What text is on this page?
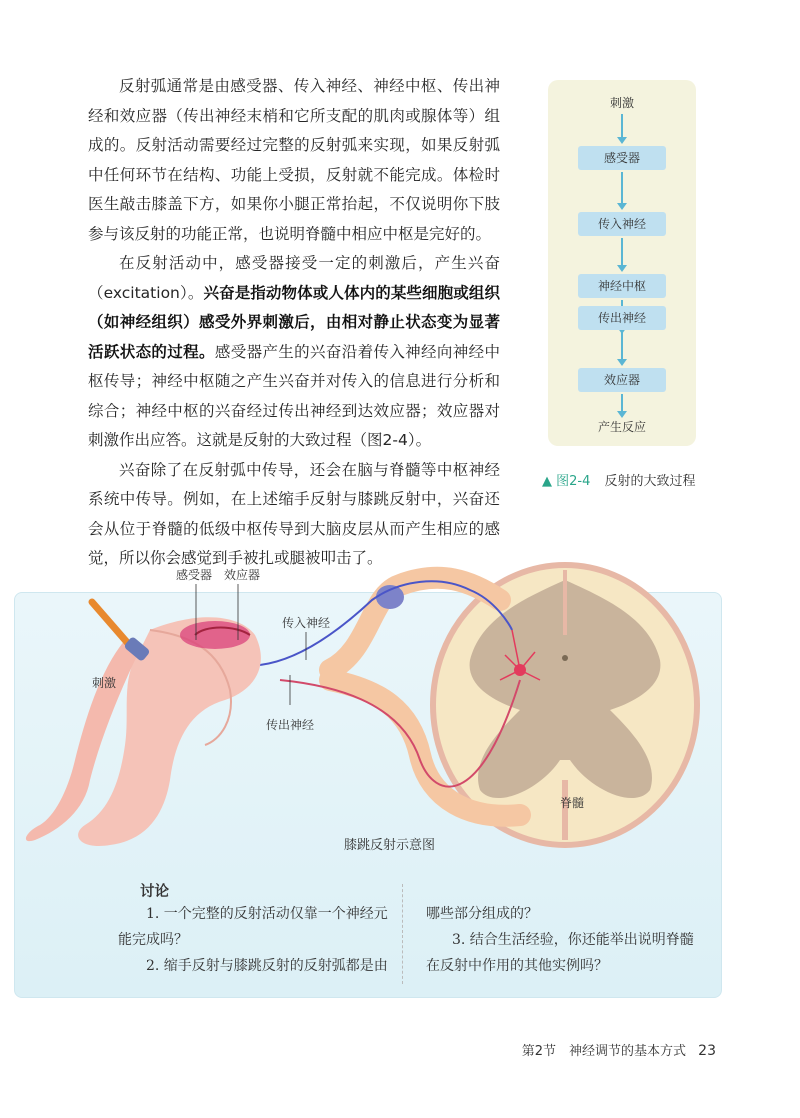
反射弧通常是由感受器、传入神经、神经中枢、传出神经和效应器（传出神经末梢和它所支配的肌肉或腺体等）组成的。反射活动需要经过完整的反射弧来实现，如果反射弧中任何环节在结构、功能上受损，反射就不能完成。体检时医生敲击膝盖下方，如果你小腿正常抬起，不仅说明你下肢参与该反射的功能正常，也说明脊髓中相应中枢是完好的。

在反射活动中，感受器接受一定的刺激后，产生兴奋（excitation）。兴奋是指动物体或人体内的某些细胞或组织（如神经组织）感受外界刺激后，由相对静止状态变为显著活跃状态的过程。感受器产生的兴奋沿着传入神经向神经中枢传导；神经中枢随之产生兴奋并对传入的信息进行分析和综合；神经中枢的兴奋经过传出神经到达效应器；效应器对刺激作出应答。这就是反射的大致过程（图2-4）。

兴奋除了在反射弧中传导，还会在脑与脊髓等中枢神经系统中传导。例如，在上述缩手反射与膝跳反射中，兴奋还会从位于脊髓的低级中枢传导到大脑皮层从而产生相应的感觉，所以你会感觉到手被扎或腿被叩击了。

刺激
感受器
传入神经
神经中枢
传出神经
效应器
产生反应
▲ 图2-4 反射的大致过程
感受器 效应器
传入神经
刺激
传出神经
脊髓
膝跳反射示意图
讨论
1. 一个完整的反射活动仅靠一个神经元
能完成吗？
2. 缩手反射与膝跳反射的反射弧都是由
哪些部分组成的？
3. 结合生活经验，你还能举出说明脊髓
在反射中作用的其他实例吗？
第2节　神经调节的基本方式 23
